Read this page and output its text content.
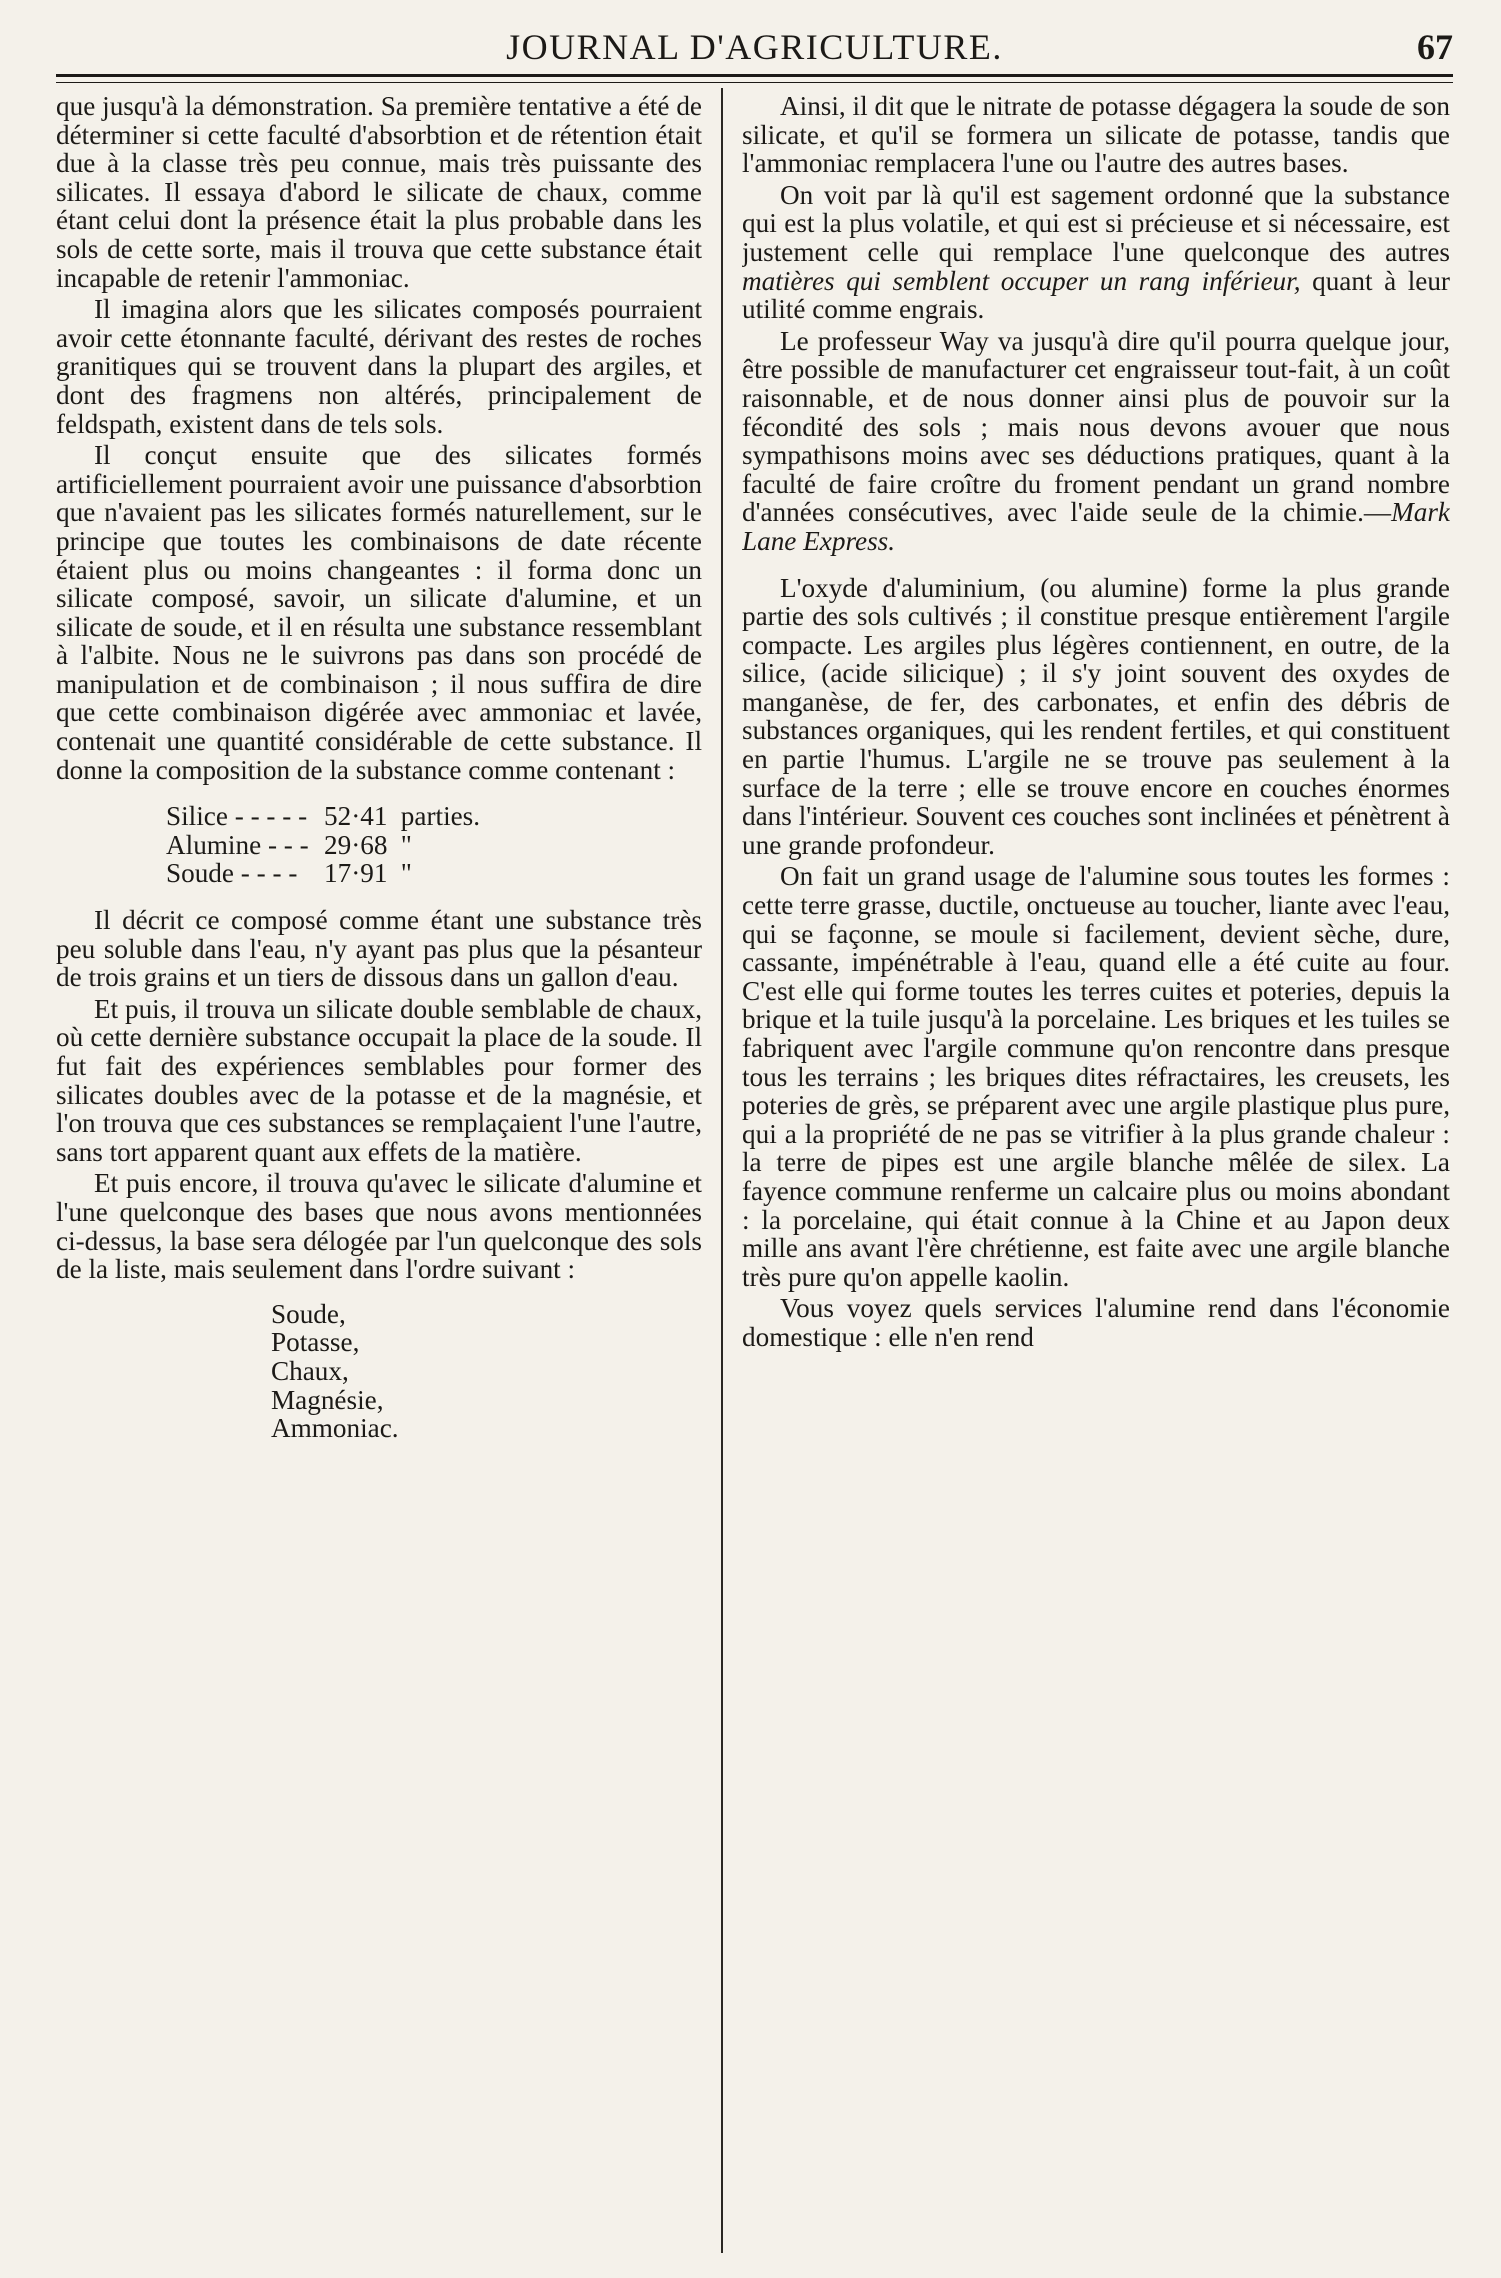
JOURNAL D'AGRICULTURE.	67

que jusqu'à la démonstration. Sa première tentative a été de déterminer si cette faculté d'absorbtion et de rétention était due à la classe très peu connue, mais très puissante des silicates. Il essaya d'abord le silicate de chaux, comme étant celui dont la présence était la plus probable dans les sols de cette sorte, mais il trouva que cette substance était incapable de retenir l'ammoniac.

Il imagina alors que les silicates composés pourraient avoir cette étonnante faculté, dérivant des restes de roches granitiques qui se trouvent dans la plupart des argiles, et dont des fragmens non altérés, principalement de feldspath, existent dans de tels sols.

Il conçut ensuite que des silicates formés artificiellement pourraient avoir une puissance d'absorbtion que n'avaient pas les silicates formés naturellement, sur le principe que toutes les combinaisons de date récente étaient plus ou moins changeantes : il forma donc un silicate composé, savoir, un silicate d'alumine, et un silicate de soude, et il en résulta une substance ressemblant à l'albite. Nous ne le suivrons pas dans son procédé de manipulation et de combinaison ; il nous suffira de dire que cette combinaison digérée avec ammoniac et lavée, contenait une quantité considérable de cette substance. Il donne la composition de la substance comme contenant :

Silice - - - - - 52·41 parties.
Alumine - - - 29·68 "
Soude - - - - 17·91 "

Il décrit ce composé comme étant une substance très peu soluble dans l'eau, n'y ayant pas plus que la pésanteur de trois grains et un tiers de dissous dans un gallon d'eau.

Et puis, il trouva un silicate double semblable de chaux, où cette dernière substance occupait la place de la soude. Il fut fait des expériences semblables pour former des silicates doubles avec de la potasse et de la magnésie, et l'on trouva que ces substances se remplaçaient l'une l'autre, sans tort apparent quant aux effets de la matière.

Et puis encore, il trouva qu'avec le silicate d'alumine et l'une quelconque des bases que nous avons mentionnées ci-dessus, la base sera délogée par l'un quelconque des sols de la liste, mais seulement dans l'ordre suivant :

Soude,
Potasse,
Chaux,
Magnésie,
Ammoniac.

Ainsi, il dit que le nitrate de potasse dégagera la soude de son silicate, et qu'il se formera un silicate de potasse, tandis que l'ammoniac remplacera l'une ou l'autre des autres bases.

On voit par là qu'il est sagement ordonné que la substance qui est la plus volatile, et qui est si précieuse et si nécessaire, est justement celle qui remplace l'une quelconque des autres matières qui semblent occuper un rang inférieur, quant à leur utilité comme engrais.

Le professeur Way va jusqu'à dire qu'il pourra quelque jour, être possible de manufacturer cet engraisseur tout-fait, à un coût raisonnable, et de nous donner ainsi plus de pouvoir sur la fécondité des sols ; mais nous devons avouer que nous sympathisons moins avec ses déductions pratiques, quant à la faculté de faire croître du froment pendant un grand nombre d'années consécutives, avec l'aide seule de la chimie.—Mark Lane Express.

L'oxyde d'aluminium, (ou alumine) forme la plus grande partie des sols cultivés ; il constitue presque entièrement l'argile compacte. Les argiles plus légères contiennent, en outre, de la silice, (acide silicique) ; il s'y joint souvent des oxydes de manganèse, de fer, des carbonates, et enfin des débris de substances organiques, qui les rendent fertiles, et qui constituent en partie l'humus. L'argile ne se trouve pas seulement à la surface de la terre ; elle se trouve encore en couches énormes dans l'intérieur. Souvent ces couches sont inclinées et pénètrent à une grande profondeur.

On fait un grand usage de l'alumine sous toutes les formes : cette terre grasse, ductile, onctueuse au toucher, liante avec l'eau, qui se façonne, se moule si facilement, devient sèche, dure, cassante, impénétrable à l'eau, quand elle a été cuite au four. C'est elle qui forme toutes les terres cuites et poteries, depuis la brique et la tuile jusqu'à la porcelaine. Les briques et les tuiles se fabriquent avec l'argile commune qu'on rencontre dans presque tous les terrains ; les briques dites réfractaires, les creusets, les poteries de grès, se préparent avec une argile plastique plus pure, qui a la propriété de ne pas se vitrifier à la plus grande chaleur : la terre de pipes est une argile blanche mêlée de silex. La fayence commune renferme un calcaire plus ou moins abondant : la porcelaine, qui était connue à la Chine et au Japon deux mille ans avant l'ère chrétienne, est faite avec une argile blanche très pure qu'on appelle kaolin.

Vous voyez quels services l'alumine rend dans l'économie domestique : elle n'en rend
